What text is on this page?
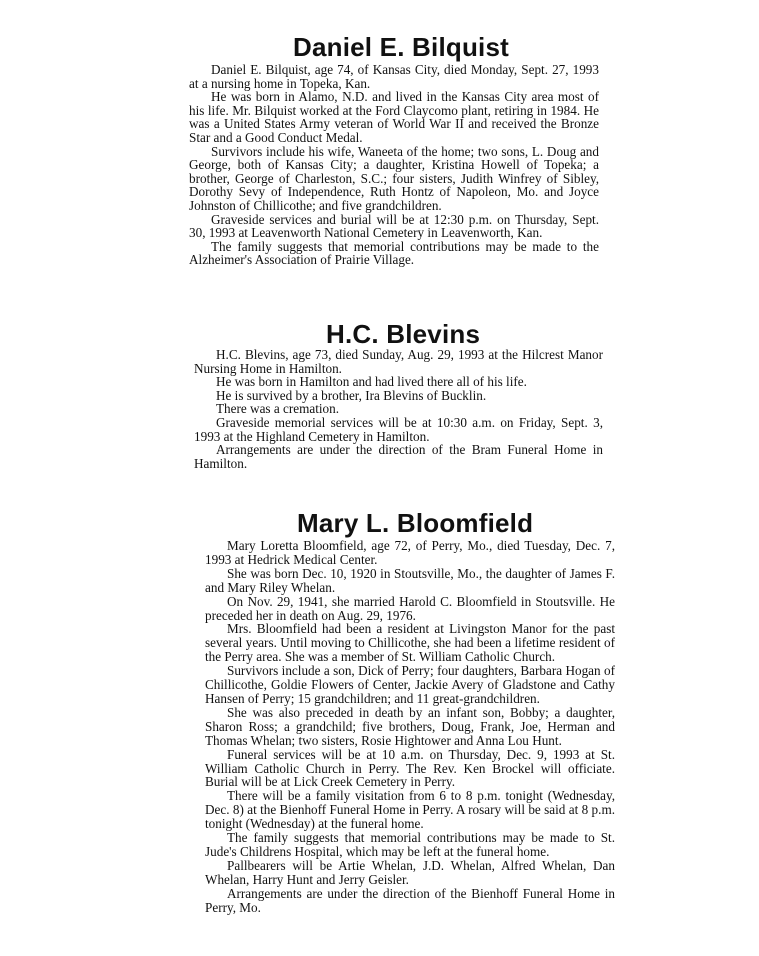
Daniel E. Bilquist

Daniel E. Bilquist, age 74, of Kansas City, died Monday, Sept. 27, 1993 at a nursing home in Topeka, Kan.

He was born in Alamo, N.D. and lived in the Kansas City area most of his life. Mr. Bilquist worked at the Ford Claycomo plant, retiring in 1984. He was a United States Army veteran of World War II and received the Bronze Star and a Good Conduct Medal.

Survivors include his wife, Waneeta of the home; two sons, L. Doug and George, both of Kansas City; a daughter, Kristina Howell of Topeka; a brother, George of Charleston, S.C.; four sisters, Judith Winfrey of Sibley, Dorothy Sevy of Independence, Ruth Hontz of Napoleon, Mo. and Joyce Johnston of Chillicothe; and five grandchildren.

Graveside services and burial will be at 12:30 p.m. on Thursday, Sept. 30, 1993 at Leavenworth National Cemetery in Leavenworth, Kan.

The family suggests that memorial contributions may be made to the Alzheimer's Association of Prairie Village.

H.C. Blevins

H.C. Blevins, age 73, died Sunday, Aug. 29, 1993 at the Hilcrest Manor Nursing Home in Hamilton.

He was born in Hamilton and had lived there all of his life.

He is survived by a brother, Ira Blevins of Bucklin.

There was a cremation.

Graveside memorial services will be at 10:30 a.m. on Friday, Sept. 3, 1993 at the Highland Cemetery in Hamilton.

Arrangements are under the direction of the Bram Funeral Home in Hamilton.

Mary L. Bloomfield

Mary Loretta Bloomfield, age 72, of Perry, Mo., died Tuesday, Dec. 7, 1993 at Hedrick Medical Center.

She was born Dec. 10, 1920 in Stoutsville, Mo., the daughter of James F. and Mary Riley Whelan.

On Nov. 29, 1941, she married Harold C. Bloomfield in Stoutsville. He preceded her in death on Aug. 29, 1976.

Mrs. Bloomfield had been a resident at Livingston Manor for the past several years. Until moving to Chillicothe, she had been a lifetime resident of the Perry area. She was a member of St. William Catholic Church.

Survivors include a son, Dick of Perry; four daughters, Barbara Hogan of Chillicothe, Goldie Flowers of Center, Jackie Avery of Gladstone and Cathy Hansen of Perry; 15 grandchildren; and 11 great-grandchildren.

She was also preceded in death by an infant son, Bobby; a daughter, Sharon Ross; a grandchild; five brothers, Doug, Frank, Joe, Herman and Thomas Whelan; two sisters, Rosie Hightower and Anna Lou Hunt.

Funeral services will be at 10 a.m. on Thursday, Dec. 9, 1993 at St. William Catholic Church in Perry. The Rev. Ken Brockel will officiate. Burial will be at Lick Creek Cemetery in Perry.

There will be a family visitation from 6 to 8 p.m. tonight (Wednesday, Dec. 8) at the Bienhoff Funeral Home in Perry. A rosary will be said at 8 p.m. tonight (Wednesday) at the funeral home.

The family suggests that memorial contributions may be made to St. Jude's Childrens Hospital, which may be left at the funeral home.

Pallbearers will be Artie Whelan, J.D. Whelan, Alfred Whelan, Dan Whelan, Harry Hunt and Jerry Geisler.

Arrangements are under the direction of the Bienhoff Funeral Home in Perry, Mo.
